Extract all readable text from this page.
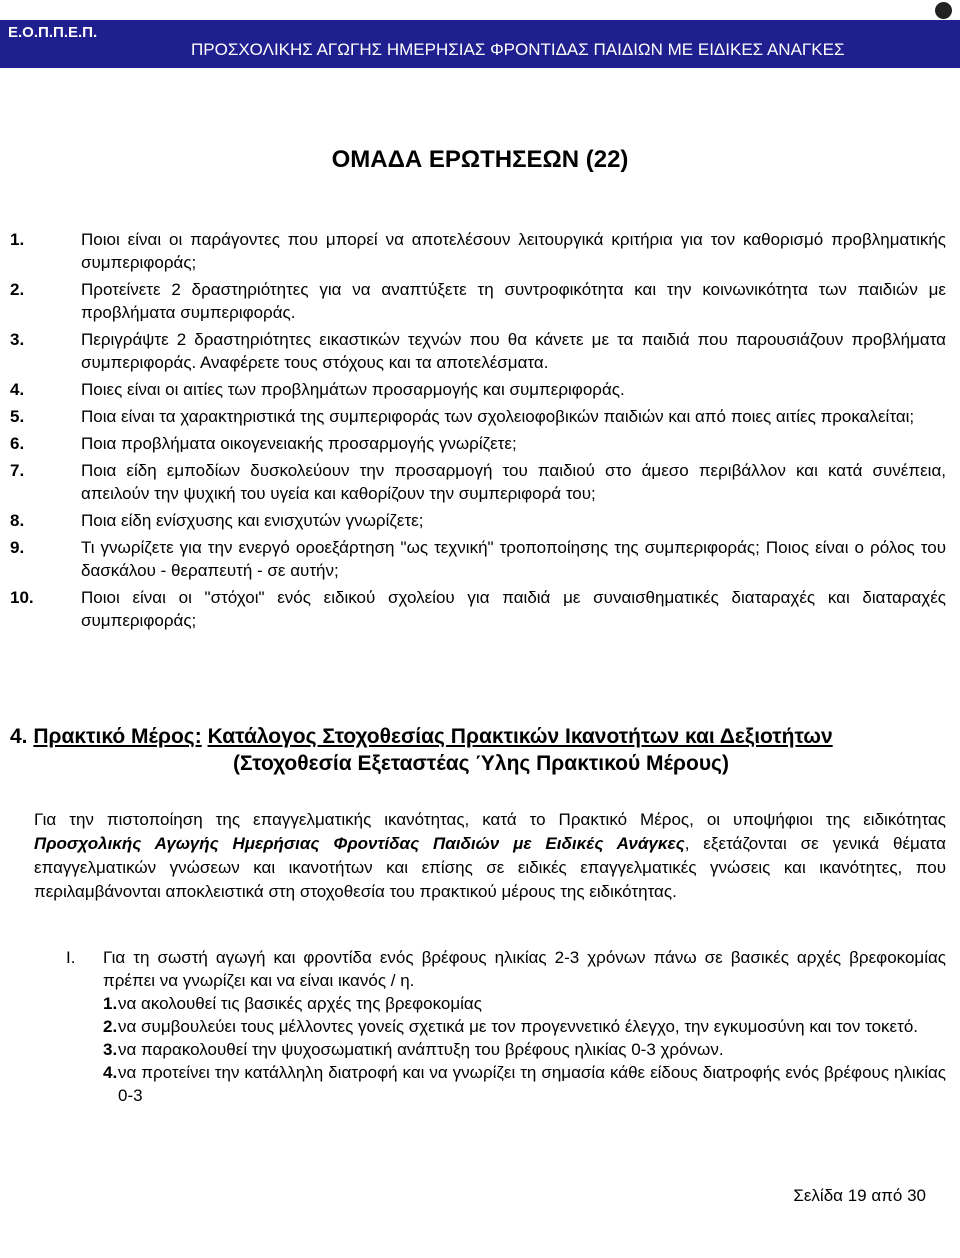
Ε.Ο.Π.Π.Ε.Π.
ΠΡΟΣΧΟΛΙΚΗΣ ΑΓΩΓΗΣ ΗΜΕΡΗΣΙΑΣ ΦΡΟΝΤΙΔΑΣ ΠΑΙΔΙΩΝ ΜΕ ΕΙΔΙΚΕΣ ΑΝΑΓΚΕΣ
ΟΜΑΔΑ ΕΡΩΤΗΣΕΩΝ (22)
1.	Ποιοι είναι οι παράγοντες που μπορεί να αποτελέσουν λειτουργικά κριτήρια για τον καθορισμό προβληματικής συμπεριφοράς;
2.	Προτείνετε 2 δραστηριότητες για να αναπτύξετε τη συντροφικότητα και την κοινωνικότητα των παιδιών με προβλήματα συμπεριφοράς.
3.	Περιγράψτε 2 δραστηριότητες εικαστικών τεχνών που θα κάνετε με τα παιδιά που παρουσιάζουν προβλήματα συμπεριφοράς. Αναφέρετε τους στόχους και τα αποτελέσματα.
4.	Ποιες είναι οι αιτίες των προβλημάτων προσαρμογής και συμπεριφοράς.
5.	Ποια είναι τα χαρακτηριστικά της συμπεριφοράς των σχολειοφοβικών παιδιών και από ποιες αιτίες προκαλείται;
6.	Ποια προβλήματα οικογενειακής προσαρμογής γνωρίζετε;
7.	Ποια είδη εμποδίων δυσκολεύουν την προσαρμογή του παιδιού στο άμεσο περιβάλλον και κατά συνέπεια, απειλούν την ψυχική του υγεία και καθορίζουν την συμπεριφορά του;
8.	Ποια είδη ενίσχυσης και ενισχυτών γνωρίζετε;
9.	Τι γνωρίζετε για την ενεργό οροεξάρτηση "ως τεχνική" τροποποίησης της συμπεριφοράς; Ποιος είναι ο ρόλος του δασκάλου - θεραπευτή - σε αυτήν;
10.	Ποιοι είναι οι "στόχοι" ενός ειδικού σχολείου για παιδιά με συναισθηματικές διαταραχές και διαταραχές συμπεριφοράς;
4. Πρακτικό Μέρος: Κατάλογος Στοχοθεσίας Πρακτικών Ικανοτήτων και Δεξιοτήτων
(Στοχοθεσία Εξεταστέας Ύλης Πρακτικού Μέρους)

Για την πιστοποίηση της επαγγελματικής ικανότητας, κατά το Πρακτικό Μέρος, οι υποψήφιοι της ειδικότητας Προσχολικής Αγωγής Ημερήσιας Φροντίδας Παιδιών με Ειδικές Ανάγκες, εξετάζονται σε γενικά θέματα επαγγελματικών γνώσεων και ικανοτήτων και επίσης σε ειδικές επαγγελματικές γνώσεις και ικανότητες, που περιλαμβάνονται αποκλειστικά στη στοχοθεσία του πρακτικού μέρους της ειδικότητας.

I.	Για τη σωστή αγωγή και φροντίδα ενός βρέφους ηλικίας 2-3 χρόνων πάνω σε βασικές αρχές βρεφοκομίας πρέπει να γνωρίζει και να είναι ικανός / η.
1. να ακολουθεί τις βασικές αρχές της βρεφοκομίας
2. να συμβουλεύει τους μέλλοντες γονείς σχετικά με τον προγεννετικό έλεγχο, την εγκυμοσύνη και τον τοκετό.
3. να παρακολουθεί την ψυχοσωματική ανάπτυξη του βρέφους ηλικίας 0-3 χρόνων.
4. να προτείνει την κατάλληλη διατροφή και να γνωρίζει τη σημασία κάθε είδους διατροφής ενός βρέφους ηλικίας 0-3
Σελίδα 19 από 30
